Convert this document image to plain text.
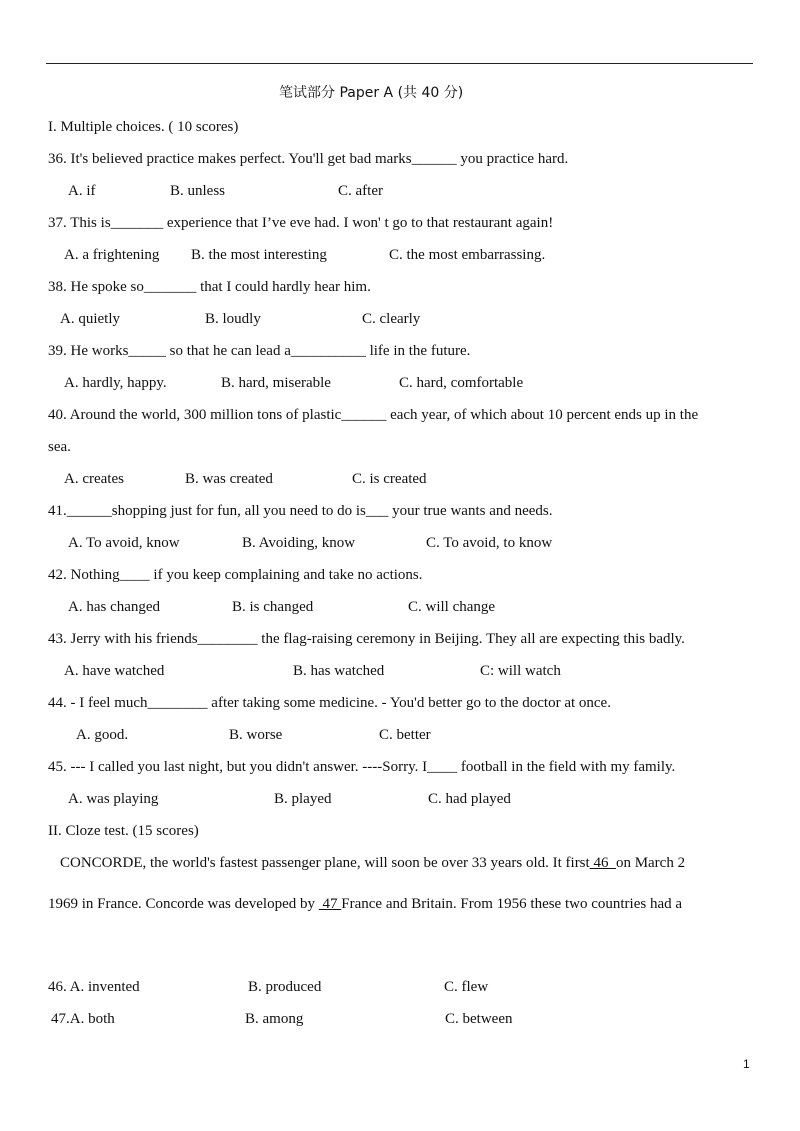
笔试部分 Paper A (共 40 分)
I. Multiple choices. ( 10 scores)
36. It's believed practice makes perfect. You'll get bad marks______ you practice hard.
A. if	B. unless	C. after
37. This is_______ experience that I’ve eve had. I won' t go to that restaurant again!
A. a frightening B. the most interesting	C. the most embarrassing.
38. He spoke so_______ that I could hardly hear him.
A. quietly	B. loudly	C. clearly
39. He works_____ so that he can lead a__________ life in the future.
A. hardly, happy.	B. hard, miserable	C. hard, comfortable
40. Around the world, 300 million tons of plastic______ each year, of which about 10 percent ends up in the
sea.
A. creates	B. was created	C. is created
41.______shopping just for fun, all you need to do is___ your true wants and needs.
A. To avoid, know	B. Avoiding, know	C. To avoid, to know
42. Nothing____ if you keep complaining and take no actions.
A. has changed	B. is changed	C. will change
43. Jerry with his friends________ the flag-raising ceremony in Beijing. They all are expecting this badly.
A. have watched	B. has watched	C: will watch
44. - I feel much________ after taking some medicine. - You'd better go to the doctor at once.
A. good.	B. worse	C. better
45. --- I called you last night, but you didn't answer. ----Sorry. I____ football in the field with my family.
A. was playing	B. played	C. had played
II. Cloze test. (15 scores)
CONCORDE, the world's fastest passenger plane, will soon be over 33 years old. It first 46  on March 2
1969 in France. Concorde was developed by  47 France and Britain. From 1956 these two countries had a
46. A. invented	B. produced	C. flew
47.A. both	B. among	C. between
1
